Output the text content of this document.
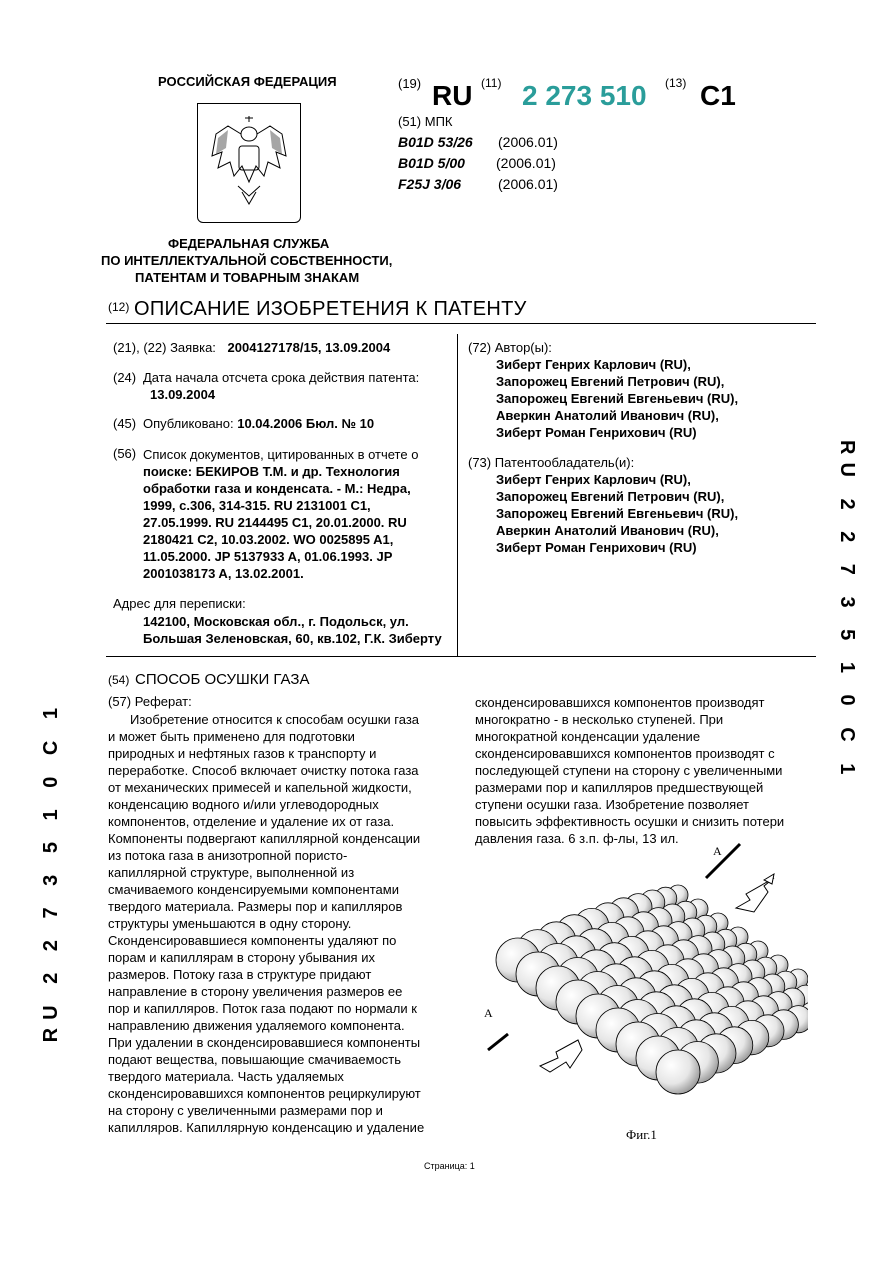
РОССИЙСКАЯ ФЕДЕРАЦИЯ
ФЕДЕРАЛЬНАЯ СЛУЖБА
ПО ИНТЕЛЛЕКТУАЛЬНОЙ СОБСТВЕННОСТИ,
ПАТЕНТАМ И ТОВАРНЫМ ЗНАКАМ
(19) RU (11) 2 273 510 (13) C1
(51) МПК
B01D 53/26 (2006.01)
B01D 5/00 (2006.01)
F25J 3/06	(2006.01)
(12) ОПИСАНИЕ ИЗОБРЕТЕНИЯ К ПАТЕНТУ
(21), (22) Заявка: 2004127178/15, 13.09.2004
(24) Дата начала отсчета срока действия патента:
13.09.2004
(45) Опубликовано: 10.04.2006 Бюл. № 10
(56) Список документов, цитированных в отчете о
поиске: БЕКИРОВ Т.М. и др. Технология
обработки газа и конденсата. - М.: Недра,
1999, с.306, 314-315. RU 2131001 C1,
27.05.1999. RU 2144495 C1, 20.01.2000. RU
2180421 C2, 10.03.2002. WO 0025895 A1,
11.05.2000. JP 5137933 A, 01.06.1993. JP
2001038173 A, 13.02.2001.
Адрес для переписки:
142100, Московская обл., г. Подольск, ул.
Большая Зеленовская, 60, кв.102, Г.К. Зиберту
(72) Автор(ы):
Зиберт Генрих Карлович (RU),
Запорожец Евгений Петрович (RU),
Запорожец Евгений Евгеньевич (RU),
Аверкин Анатолий Иванович (RU),
Зиберт Роман Генрихович (RU)
(73) Патентообладатель(и):
Зиберт Генрих Карлович (RU),
Запорожец Евгений Петрович (RU),
Запорожец Евгений Евгеньевич (RU),
Аверкин Анатолий Иванович (RU),
Зиберт Роман Генрихович (RU)	RU 2 2 7 3 5 1 0 C 1
RU 2 2 7 3 5 1 0 C 1
(54) СПОСОБ ОСУШКИ ГАЗА
(57) Реферат:
Изобретение относится к способам осушки газа
и может быть применено для подготовки
природных и нефтяных газов к транспорту и
переработке. Способ включает очистку потока газа
от механических примесей и капельной жидкости,
конденсацию водного и/или углеводородных
компонентов, отделение и удаление их от газа.
Компоненты подвергают капиллярной конденсации
из потока газа в анизотропной пористо-
капиллярной структуре, выполненной из
смачиваемого конденсируемыми компонентами
твердого материала. Размеры пор и капилляров
структуры уменьшаются в одну сторону.
Сконденсировавшиеся компоненты удаляют по
порам и капиллярам в сторону убывания их
размеров. Потоку газа в структуре придают
направление в сторону увеличения размеров ее
пор и капилляров. Поток газа подают по нормали к
направлению движения удаляемого компонента.
При удалении в сконденсировавшиеся компоненты
подают вещества, повышающие смачиваемость
твердого материала. Часть удаляемых
сконденсировавшихся компонентов рециркулируют
на сторону с увеличенными размерами пор и
капилляров. Капиллярную конденсацию и удаление
сконденсировавшихся компонентов производят
многократно - в несколько ступеней. При
многократной конденсации удаление
сконденсировавшихся компонентов производят с
последующей ступени на сторону с увеличенными
размерами пор и капилляров предшествующей
ступени осушки газа. Изобретение позволяет
повысить эффективность осушки и снизить потери
давления газа. 6 з.п. ф-лы, 13 ил.
А
А
Фиг.1
Страница: 1
